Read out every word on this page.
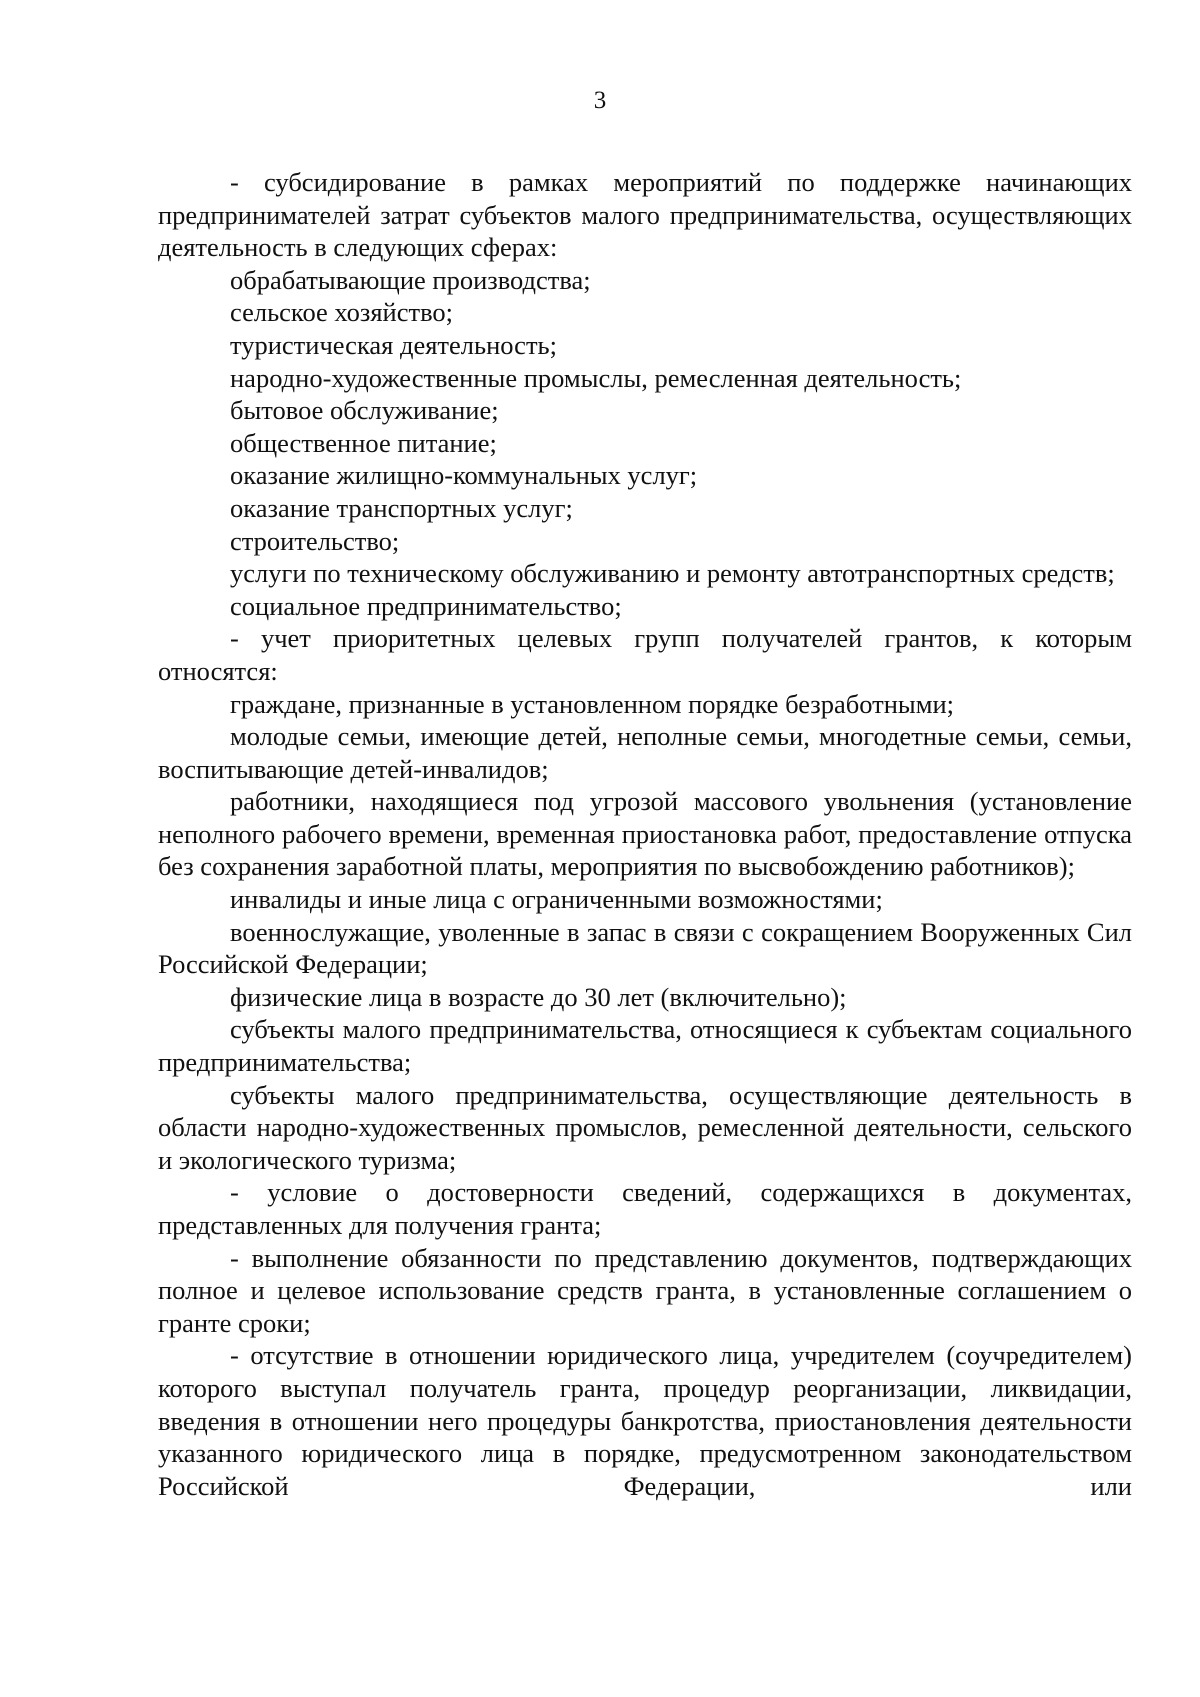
3

- субсидирование в рамках мероприятий по поддержке начинающих предпринимателей затрат субъектов малого предпринимательства, осуществляющих деятельность в следующих сферах:

обрабатывающие производства;

сельское хозяйство;

туристическая деятельность;

народно-художественные промыслы, ремесленная деятельность;

бытовое обслуживание;

общественное питание;

оказание жилищно-коммунальных услуг;

оказание транспортных услуг;

строительство;

услуги по техническому обслуживанию и ремонту автотранспортных средств;

социальное предпринимательство;

- учет приоритетных целевых групп получателей грантов, к которым относятся:

граждане, признанные в установленном порядке безработными;

молодые семьи, имеющие детей, неполные семьи, многодетные семьи, семьи, воспитывающие детей-инвалидов;

работники, находящиеся под угрозой массового увольнения (установление неполного рабочего времени, временная приостановка работ, предоставление отпуска без сохранения заработной платы, мероприятия по высвобождению работников);

инвалиды и иные лица с ограниченными возможностями;

военнослужащие, уволенные в запас в связи с сокращением Вооруженных Сил Российской Федерации;

физические лица в возрасте до 30 лет (включительно);

субъекты малого предпринимательства, относящиеся к субъектам социального предпринимательства;

субъекты малого предпринимательства, осуществляющие деятельность в области народно-художественных промыслов, ремесленной деятельности, сельского и экологического туризма;

- условие о достоверности сведений, содержащихся в документах, представленных для получения гранта;

- выполнение обязанности по представлению документов, подтверждающих полное и целевое использование средств гранта, в установленные соглашением о гранте сроки;

- отсутствие в отношении юридического лица, учредителем (соучредителем) которого выступал получатель гранта, процедур реорганизации, ликвидации, введения в отношении него процедуры банкротства, приостановления деятельности указанного юридического лица в порядке, предусмотренном законодательством Российской Федерации, или
